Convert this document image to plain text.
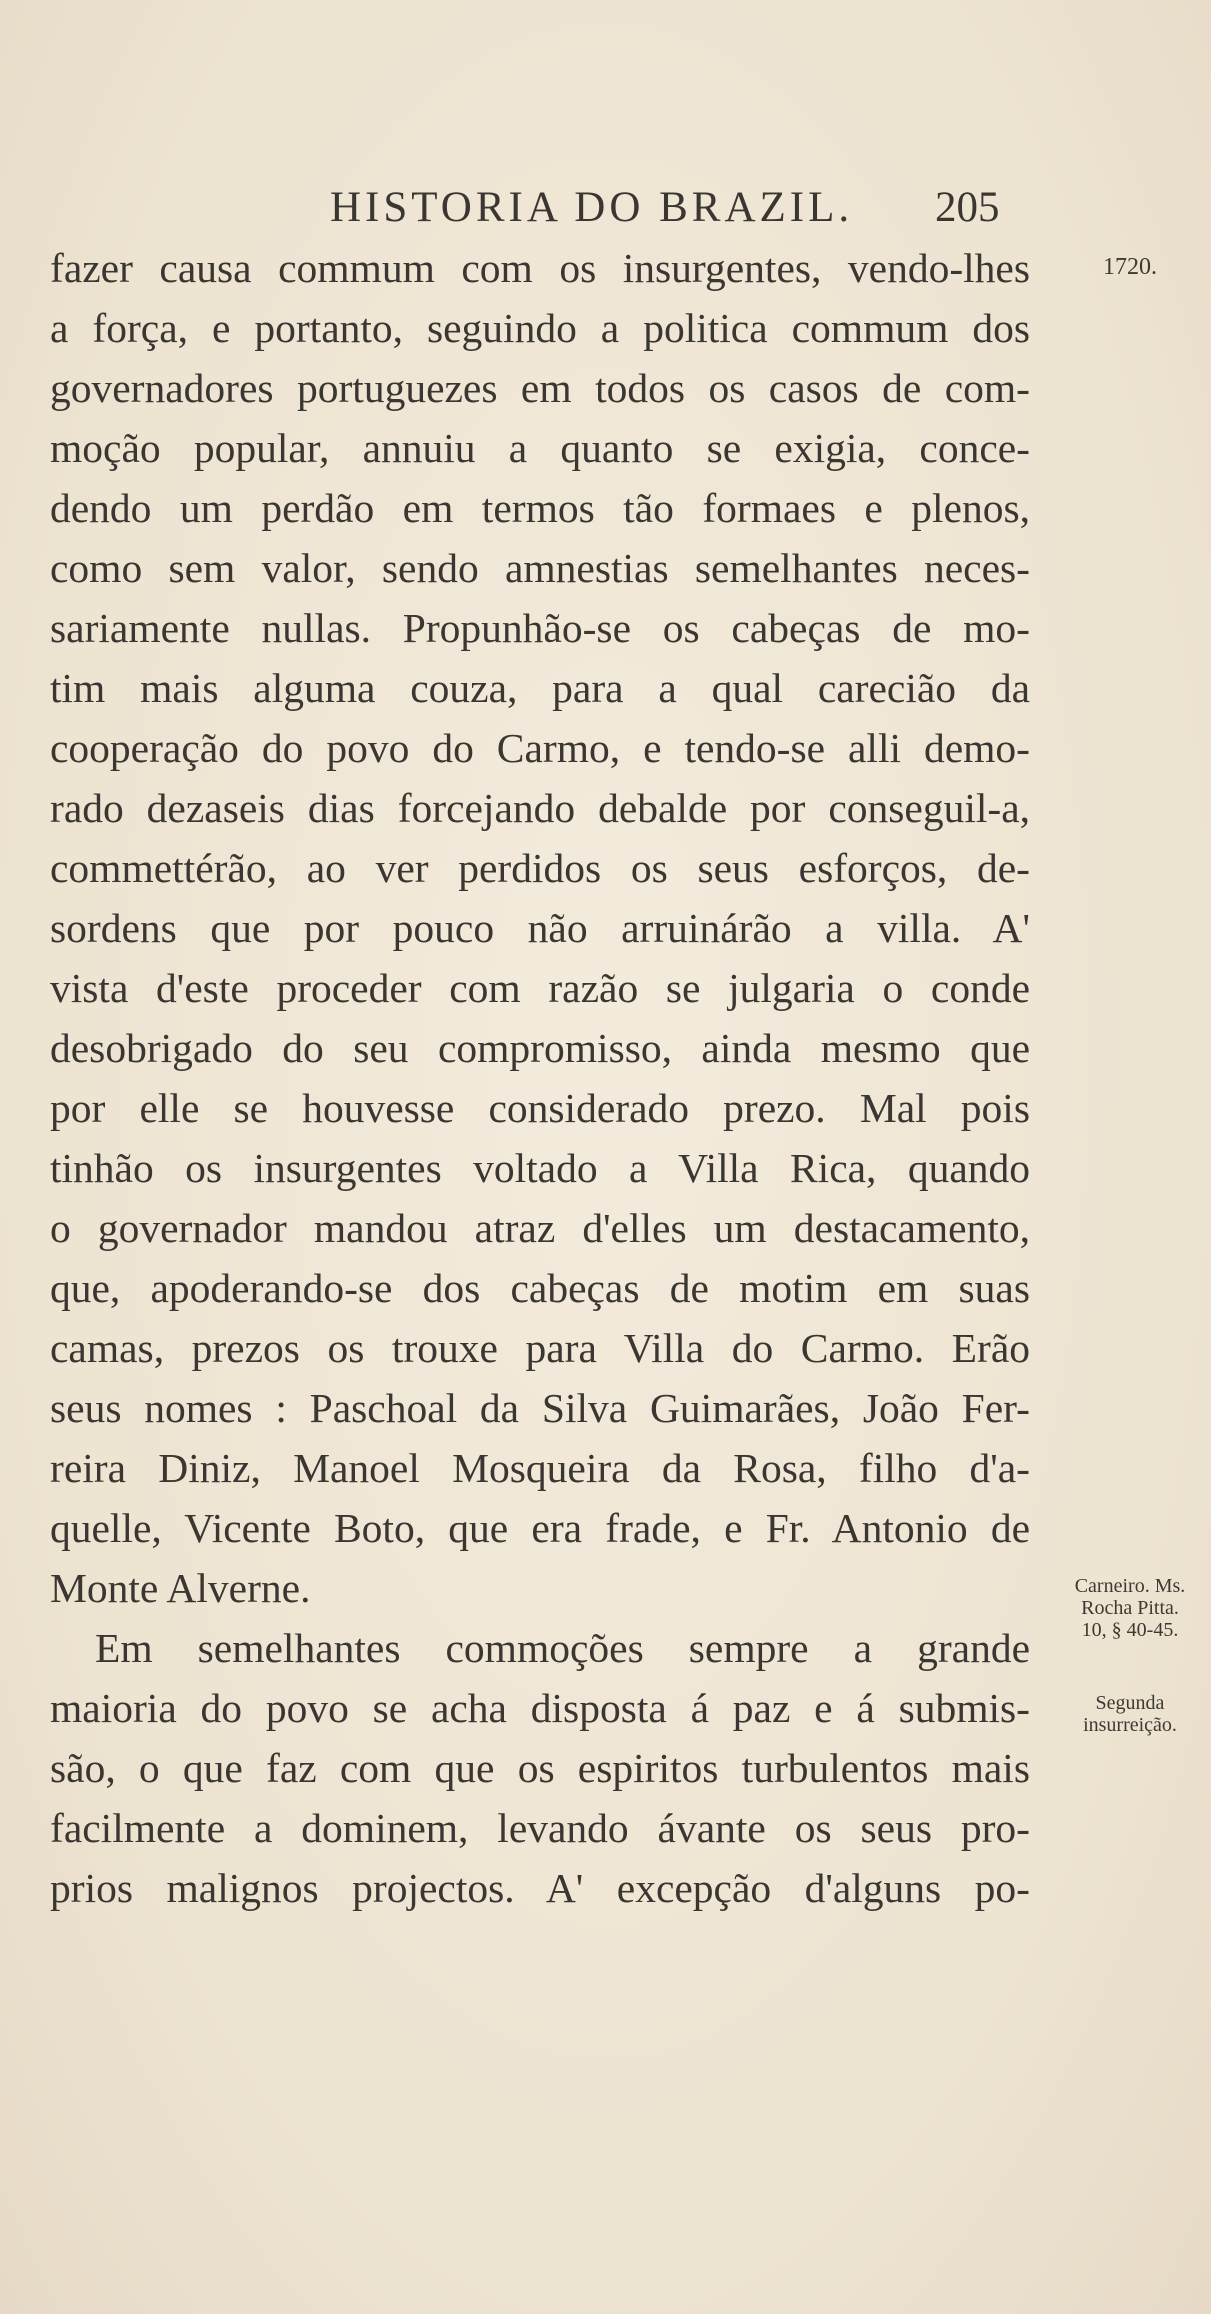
HISTORIA DO BRAZIL. 205
fazer causa commum com os insurgentes, vendo-lhes
a força, e portanto, seguindo a politica commum dos
governadores portuguezes em todos os casos de com-
moção popular, annuiu a quanto se exigia, conce-
dendo um perdão em termos tão formaes e plenos,
como sem valor, sendo amnestias semelhantes neces-
sariamente nullas. Propunhão-se os cabeças de mo-
tim mais alguma couza, para a qual carecião da
cooperação do povo do Carmo, e tendo-se alli demo-
rado dezaseis dias forcejando debalde por conseguil-a,
commettérão, ao ver perdidos os seus esforços, de-
sordens que por pouco não arruinárão a villa. A'
vista d'este proceder com razão se julgaria o conde
desobrigado do seu compromisso, ainda mesmo que
por elle se houvesse considerado prezo. Mal pois
tinhão os insurgentes voltado a Villa Rica, quando
o governador mandou atraz d'elles um destacamento,
que, apoderando-se dos cabeças de motim em suas
camas, prezos os trouxe para Villa do Carmo. Erão
seus nomes : Paschoal da Silva Guimarães, João Fer-
reira Diniz, Manoel Mosqueira da Rosa, filho d'a-
quelle, Vicente Boto, que era frade, e Fr. Antonio de
Monte Alverne.
Em semelhantes commoções sempre a grande
maioria do povo se acha disposta á paz e á submis-
são, o que faz com que os espiritos turbulentos mais
facilmente a dominem, levando ávante os seus pro-
prios malignos projectos. A' excepção d'alguns po-
1720.
Carneiro. Ms.
Rocha Pitta.
10, § 40-45.
Segunda
insurreição.
